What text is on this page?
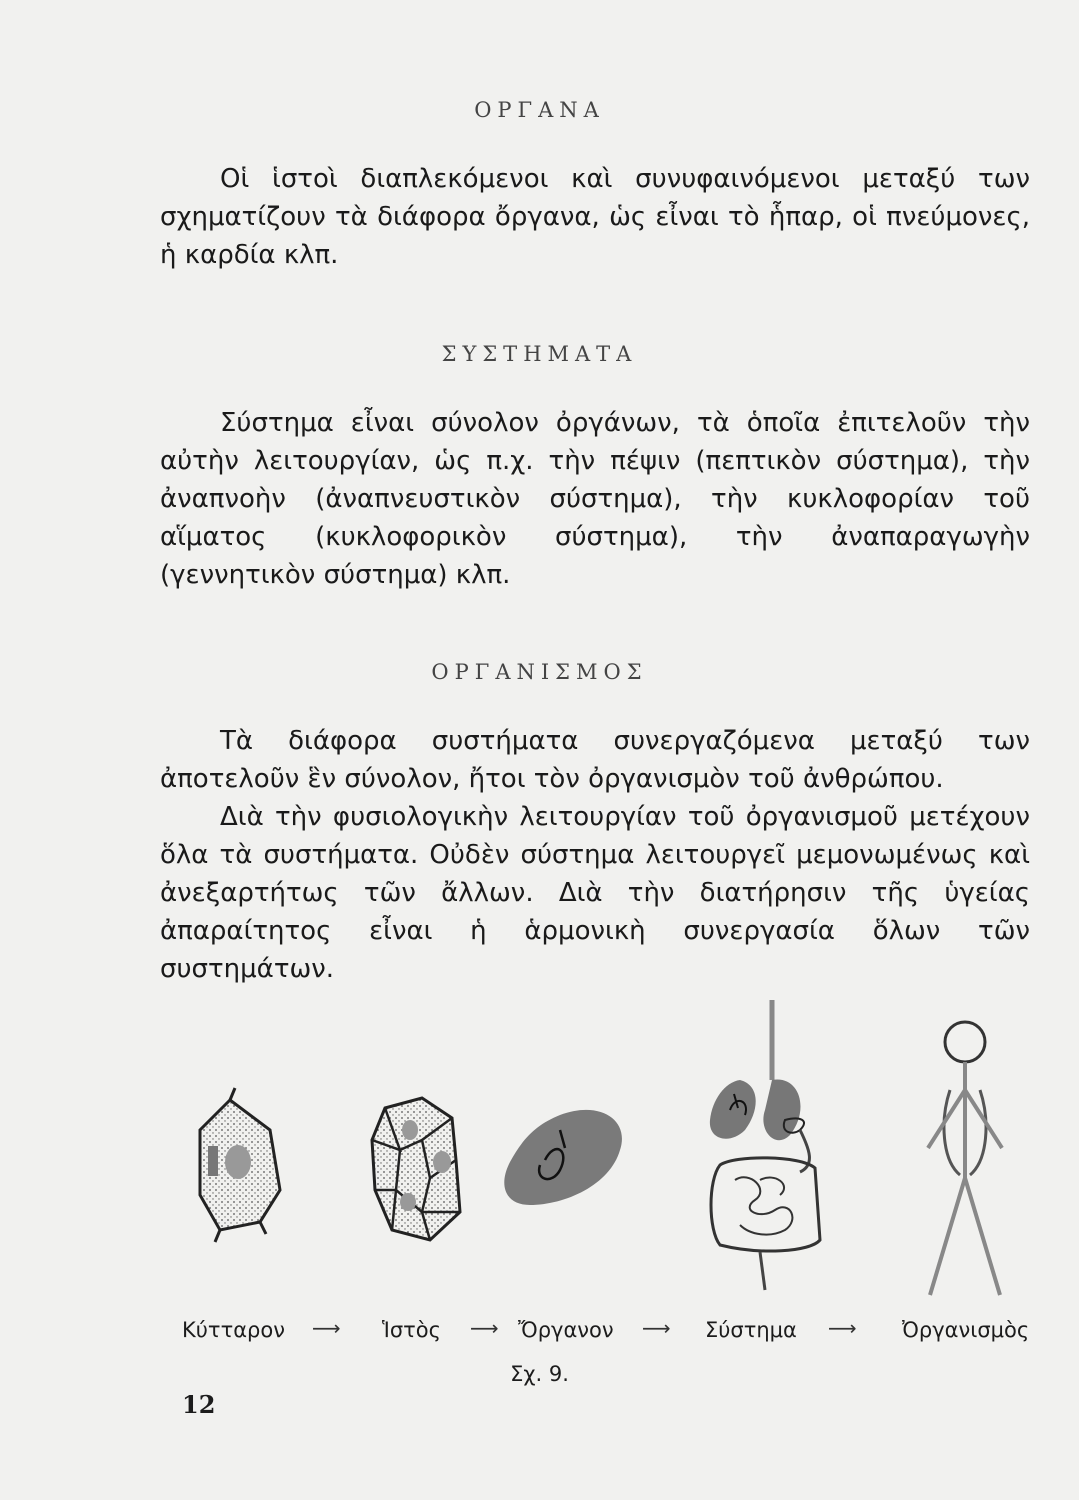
ΟΡΓΑΝΑ

Οἱ ἱστοὶ διαπλεκόμενοι καὶ συνυφαινόμενοι μεταξύ των σχηματίζουν τὰ διάφορα ὄργανα, ὡς εἶναι τὸ ἧπαρ, οἱ πνεύμονες, ἡ καρδία κλπ.

ΣΥΣΤΗΜΑΤΑ

Σύστημα εἶναι σύνολον ὀργάνων, τὰ ὁποῖα ἐπιτελοῦν τὴν αὐτὴν λειτουργίαν, ὡς π.χ. τὴν πέψιν (πεπτικὸν σύστημα), τὴν ἀναπνοὴν (ἀναπνευστικὸν σύστημα), τὴν κυκλοφορίαν τοῦ αἵματος (κυκλοφορικὸν σύστημα), τὴν ἀναπαραγωγὴν (γεννητικὸν σύστημα) κλπ.

ΟΡΓΑΝΙΣΜΟΣ

Τὰ διάφορα συστήματα συνεργαζόμενα μεταξύ των ἀποτελοῦν ἓν σύνολον, ἤτοι τὸν ὀργανισμὸν τοῦ ἀνθρώπου.

Διὰ τὴν φυσιολογικὴν λειτουργίαν τοῦ ὀργανισμοῦ μετέχουν ὅλα τὰ συστήματα. Οὐδὲν σύστημα λειτουργεῖ μεμονωμένως καὶ ἀνεξαρτήτως τῶν ἄλλων. Διὰ τὴν διατήρησιν τῆς ὑγείας ἀπαραίτητος εἶναι ἡ ἁρμονικὴ συνεργασία ὅλων τῶν συστημάτων.

Κύτταρον ⟶ Ἱστὸς ⟶ Ὄργανον ⟶ Σύστημα ⟶ Ὀργανισμὸς
Σχ. 9.
12
